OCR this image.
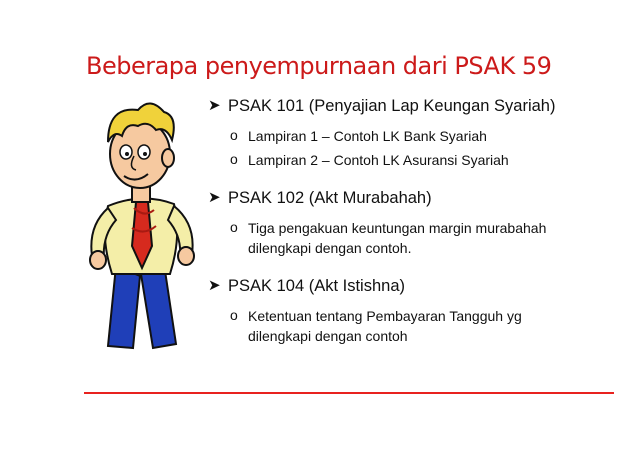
Beberapa penyempurnaan dari PSAK 59
➤ PSAK 101 (Penyajian Lap Keungan Syariah)
o Lampiran 1 – Contoh LK Bank Syariah
o Lampiran 2 – Contoh LK Asuransi Syariah
➤ PSAK 102 (Akt Murabahah)
o Tiga pengakuan keuntungan margin murabahah dilengkapi dengan contoh.
➤ PSAK 104 (Akt Istishna)
o Ketentuan tentang Pembayaran Tangguh yg dilengkapi dengan contoh
